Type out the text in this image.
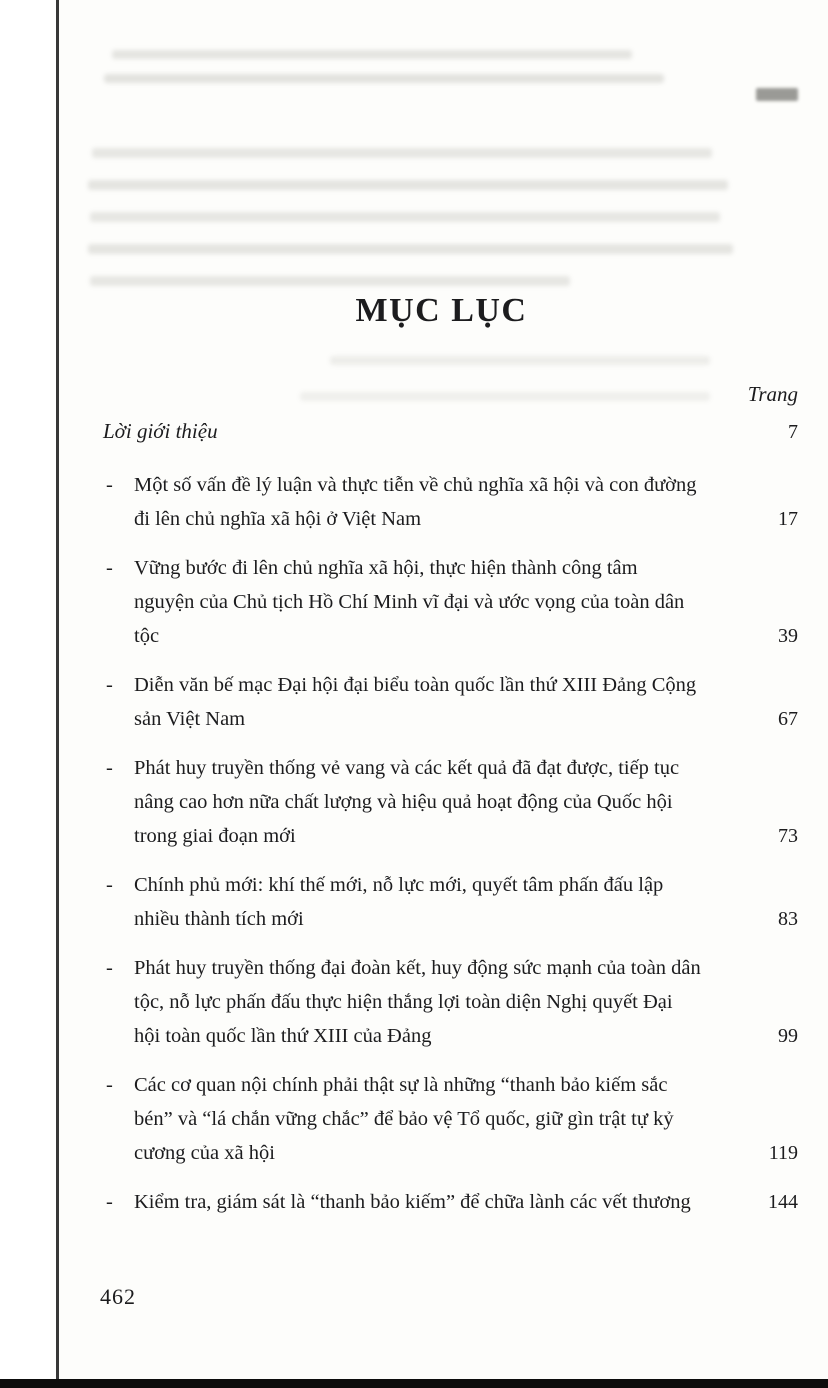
MỤC LỤC
Trang
Lời giới thiệu	7
-	Một số vấn đề lý luận và thực tiễn về chủ nghĩa xã hội và con đường đi lên chủ nghĩa xã hội ở Việt Nam	17
-	Vững bước đi lên chủ nghĩa xã hội, thực hiện thành công tâm nguyện của Chủ tịch Hồ Chí Minh vĩ đại và ước vọng của toàn dân tộc	39
-	Diễn văn bế mạc Đại hội đại biểu toàn quốc lần thứ XIII Đảng Cộng sản Việt Nam	67
-	Phát huy truyền thống vẻ vang và các kết quả đã đạt được, tiếp tục nâng cao hơn nữa chất lượng và hiệu quả hoạt động của Quốc hội trong giai đoạn mới	73
-	Chính phủ mới: khí thế mới, nỗ lực mới, quyết tâm phấn đấu lập nhiều thành tích mới	83
-	Phát huy truyền thống đại đoàn kết, huy động sức mạnh của toàn dân tộc, nỗ lực phấn đấu thực hiện thắng lợi toàn diện Nghị quyết Đại hội toàn quốc lần thứ XIII của Đảng	99
-	Các cơ quan nội chính phải thật sự là những “thanh bảo kiếm sắc bén” và “lá chắn vững chắc” để bảo vệ Tổ quốc, giữ gìn trật tự kỷ cương của xã hội	119
-	Kiểm tra, giám sát là “thanh bảo kiếm” để chữa lành các vết thương	144
462
